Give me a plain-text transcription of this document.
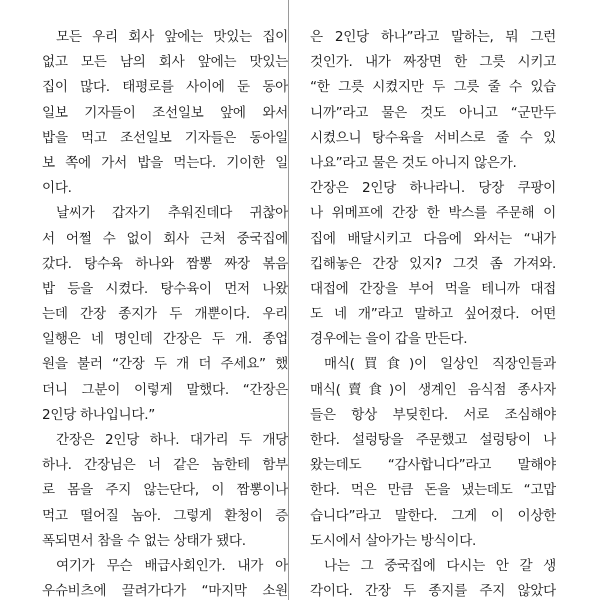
모든 우리 회사 앞에는 맛있는 집이
없고 모든 남의 회사 앞에는 맛있는
집이 많다. 태평로를 사이에 둔 동아
일보 기자들이 조선일보 앞에 와서
밥을 먹고 조선일보 기자들은 동아일
보 쪽에 가서 밥을 먹는다. 기이한 일
이다.
날씨가 갑자기 추워진데다 귀찮아
서 어쩔 수 없이 회사 근처 중국집에
갔다. 탕수육 하나와 짬뽕 짜장 볶음
밥 등을 시켰다. 탕수육이 먼저 나왔
는데 간장 종지가 두 개뿐이다. 우리
일행은 네 명인데 간장은 두 개. 종업
원을 불러 “간장 두 개 더 주세요” 했
더니 그분이 이렇게 말했다. “간장은
2인당 하나입니다.”
간장은 2인당 하나. 대가리 두 개당
하나. 간장님은 너 같은 놈한테 함부
로 몸을 주지 않는단다, 이 짬뽕이나
먹고 떨어질 놈아. 그렇게 환청이 증
폭되면서 참을 수 없는 상태가 됐다.
여기가 무슨 배급사회인가. 내가 아
우슈비츠에 끌려가다가 “마지막 소원
은 2인당 하나”라고 말하는, 뭐 그런
것인가. 내가 짜장면 한 그릇 시키고
“한 그릇 시켰지만 두 그릇 줄 수 있습
니까”라고 물은 것도 아니고 “군만두
시켰으니 탕수육을 서비스로 줄 수 있
나요”라고 물은 것도 아니지 않은가.
간장은 2인당 하나라니. 당장 쿠팡이
나 위메프에 간장 한 박스를 주문해 이
집에 배달시키고 다음에 와서는 “내가
킵해놓은 간장 있지? 그것 좀 가져와.
대접에 간장을 부어 먹을 테니까 대접
도 네 개”라고 말하고 싶어졌다. 어떤
경우에는 을이 갑을 만든다.
매식(買食)이 일상인 직장인들과
매식(賣食)이 생계인 음식점 종사자
들은 항상 부딪힌다. 서로 조심해야
한다. 설렁탕을 주문했고 설렁탕이 나
왔는데도 “감사합니다”라고 말해야
한다. 먹은 만큼 돈을 냈는데도 “고맙
습니다”라고 말한다. 그게 이 이상한
도시에서 살아가는 방식이다.
나는 그 중국집에 다시는 안 갈 생
각이다. 간장 두 종지를 주지 않았다
